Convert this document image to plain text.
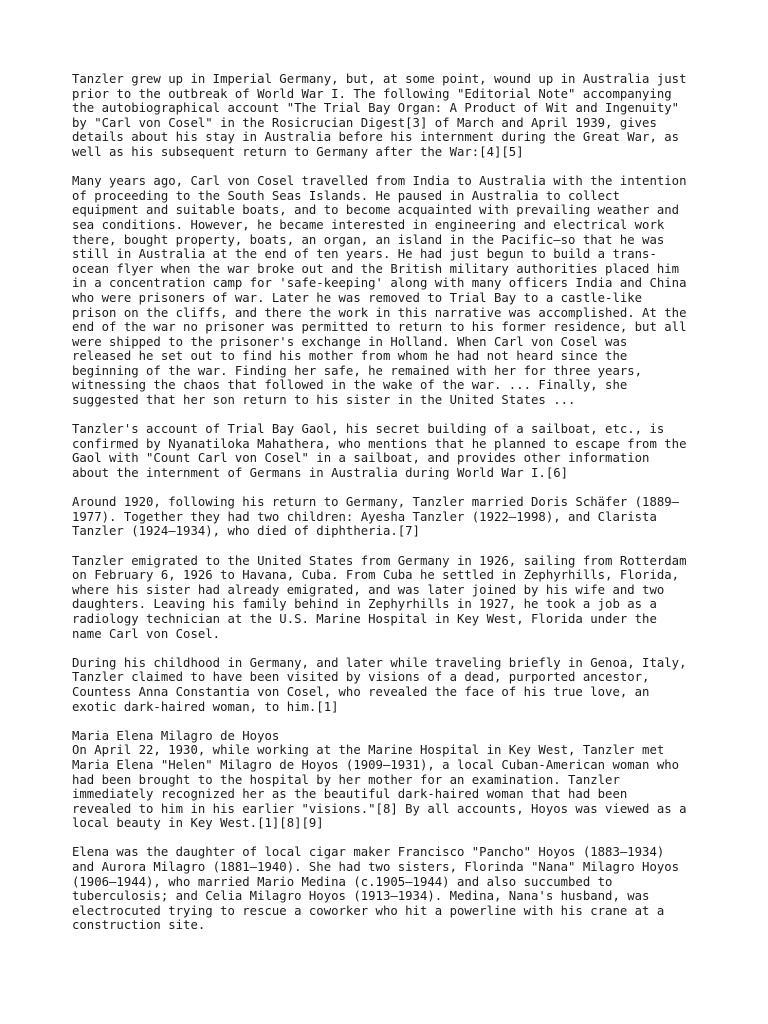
Tanzler grew up in Imperial Germany, but, at some point, wound up in Australia just
prior to the outbreak of World War I. The following "Editorial Note" accompanying
the autobiographical account "The Trial Bay Organ: A Product of Wit and Ingenuity"
by "Carl von Cosel" in the Rosicrucian Digest[3] of March and April 1939, gives
details about his stay in Australia before his internment during the Great War, as
well as his subsequent return to Germany after the War:[4][5]

Many years ago, Carl von Cosel travelled from India to Australia with the intention
of proceeding to the South Seas Islands. He paused in Australia to collect
equipment and suitable boats, and to become acquainted with prevailing weather and
sea conditions. However, he became interested in engineering and electrical work
there, bought property, boats, an organ, an island in the Pacific—so that he was
still in Australia at the end of ten years. He had just begun to build a trans-
ocean flyer when the war broke out and the British military authorities placed him
in a concentration camp for 'safe-keeping' along with many officers India and China
who were prisoners of war. Later he was removed to Trial Bay to a castle-like
prison on the cliffs, and there the work in this narrative was accomplished. At the
end of the war no prisoner was permitted to return to his former residence, but all
were shipped to the prisoner's exchange in Holland. When Carl von Cosel was
released he set out to find his mother from whom he had not heard since the
beginning of the war. Finding her safe, he remained with her for three years,
witnessing the chaos that followed in the wake of the war. ... Finally, she
suggested that her son return to his sister in the United States ...

Tanzler's account of Trial Bay Gaol, his secret building of a sailboat, etc., is
confirmed by Nyanatiloka Mahathera, who mentions that he planned to escape from the
Gaol with "Count Carl von Cosel" in a sailboat, and provides other information
about the internment of Germans in Australia during World War I.[6]

Around 1920, following his return to Germany, Tanzler married Doris Schäfer (1889–
1977). Together they had two children: Ayesha Tanzler (1922–1998), and Clarista
Tanzler (1924–1934), who died of diphtheria.[7]

Tanzler emigrated to the United States from Germany in 1926, sailing from Rotterdam
on February 6, 1926 to Havana, Cuba. From Cuba he settled in Zephyrhills, Florida,
where his sister had already emigrated, and was later joined by his wife and two
daughters. Leaving his family behind in Zephyrhills in 1927, he took a job as a
radiology technician at the U.S. Marine Hospital in Key West, Florida under the
name Carl von Cosel.

During his childhood in Germany, and later while traveling briefly in Genoa, Italy,
Tanzler claimed to have been visited by visions of a dead, purported ancestor,
Countess Anna Constantia von Cosel, who revealed the face of his true love, an
exotic dark-haired woman, to him.[1]

Maria Elena Milagro de Hoyos

On April 22, 1930, while working at the Marine Hospital in Key West, Tanzler met
Maria Elena "Helen" Milagro de Hoyos (1909–1931), a local Cuban-American woman who
had been brought to the hospital by her mother for an examination. Tanzler
immediately recognized her as the beautiful dark-haired woman that had been
revealed to him in his earlier "visions."[8] By all accounts, Hoyos was viewed as a
local beauty in Key West.[1][8][9]

Elena was the daughter of local cigar maker Francisco "Pancho" Hoyos (1883–1934)
and Aurora Milagro (1881–1940). She had two sisters, Florinda "Nana" Milagro Hoyos
(1906–1944), who married Mario Medina (c.1905–1944) and also succumbed to
tuberculosis; and Celia Milagro Hoyos (1913–1934). Medina, Nana's husband, was
electrocuted trying to rescue a coworker who hit a powerline with his crane at a
construction site.
